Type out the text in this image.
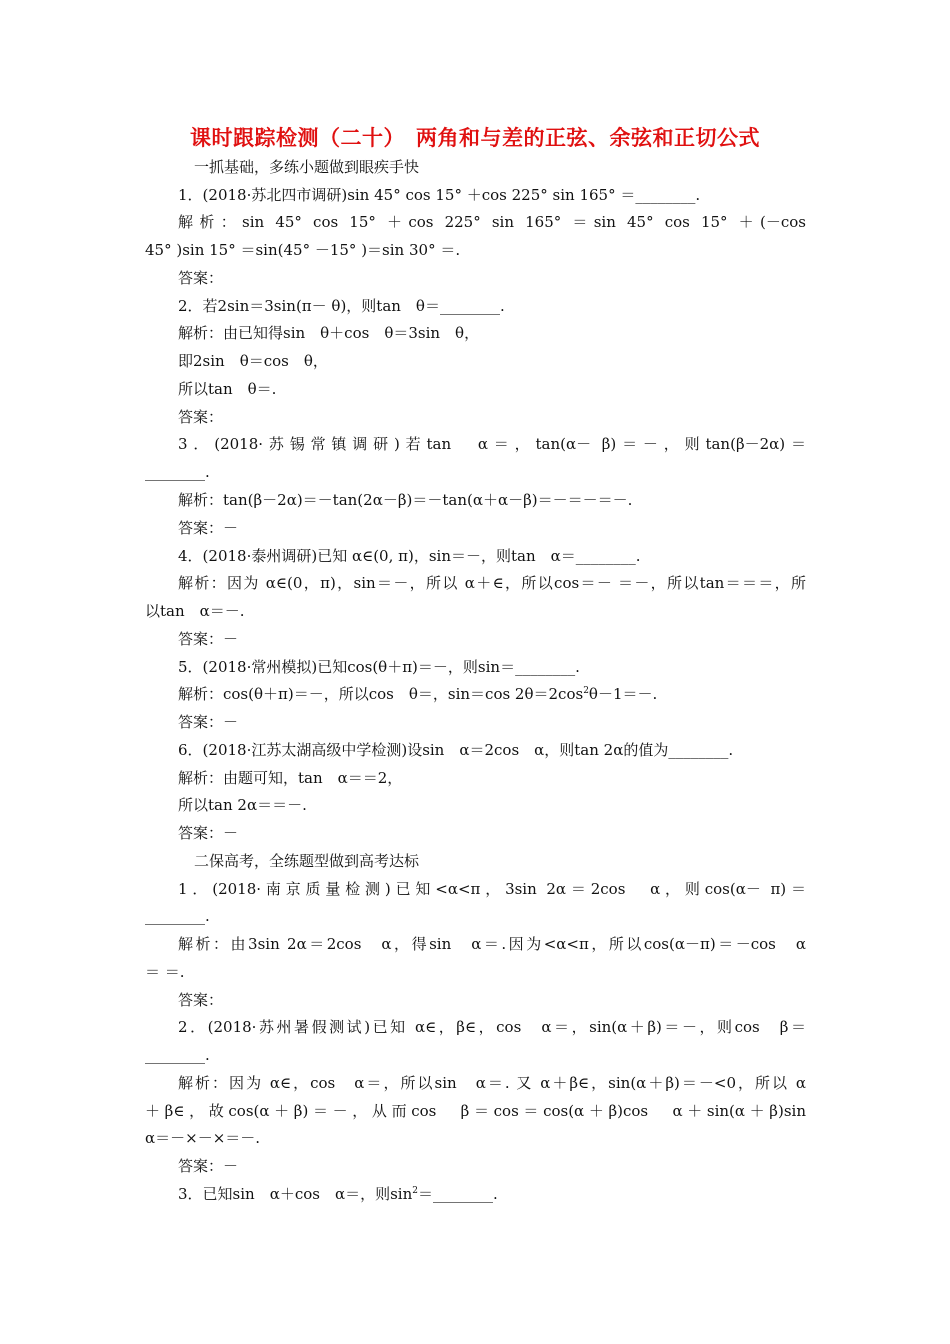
课时跟踪检测（二十）　两角和与差的正弦、余弦和正切公式
一抓基础，多练小题做到眼疾手快
1．(2018·苏北四市调研)sin 45° cos 15° ＋cos 225° sin 165° ＝________.
解析：sin 45° cos 15° ＋cos 225° sin 165° ＝sin 45° cos 15° ＋(－cos
45° )sin 15° ＝sin(45° －15° )＝sin 30° ＝.
答案：
2．若2sin＝3sin(π－ θ)，则tan　θ＝________.
解析：由已知得sin　θ＋cos　θ＝3sin　θ，
即2sin　θ＝cos　θ，
所以tan　θ＝.
答案：
3．(2018·苏锡常镇调研)若tan　α＝，tan(α－ β)＝－，则tan(β－2α)＝
________.
解析：tan(β－2α)＝－tan(2α－β)＝－tan(α＋α－β)＝－＝－＝－.
答案：－
4．(2018·泰州调研)已知 α∈(0, π)，sin＝－，则tan　α＝________.
解析：因为 α∈(0，π)，sin＝－，所以 α＋∈，所以cos＝－ ＝－，所以tan＝＝＝，所
以tan　α＝－.
答案：－
5．(2018·常州模拟)已知cos(θ＋π)＝－，则sin＝________.
解析：cos(θ＋π)＝－，所以cos　θ＝，sin＝cos $2\theta=2\cos^2\theta-1=-$.
答案：－
6．(2018·江苏太湖高级中学检测)设sin　α＝2cos　α，则tan 2α的值为________.
解析：由题可知，tan　α＝＝2，
所以tan 2α＝＝－.
答案：－
二保高考，全练题型做到高考达标
1．(2018·南京质量检测)已知<α<π，3sin 2α＝2cos　α，则cos(α－ π)＝
________.
解析：由3sin 2α＝2cos　α，得sin　α＝.因为<α<π，所以cos(α－π)＝－cos　α
＝ ＝.
答案：
2．(2018·苏州暑假测试)已知 α∈，β∈，cos　α＝，sin(α＋β)＝－，则cos　β＝
________.
解析：因为 α∈，cos　α＝，所以sin　α＝. 又 α＋β∈，sin(α＋β)＝－<0，所以 α
＋β∈，故cos(α＋β)＝－，从而cos　β＝cos＝cos(α＋β)cos　α＋sin(α＋β)sin
α＝－×－×＝－.
答案：－
3．已知sin　α＋cos　α＝，则$\sin^2=\_\_\_\_\_\_\_\_$.
